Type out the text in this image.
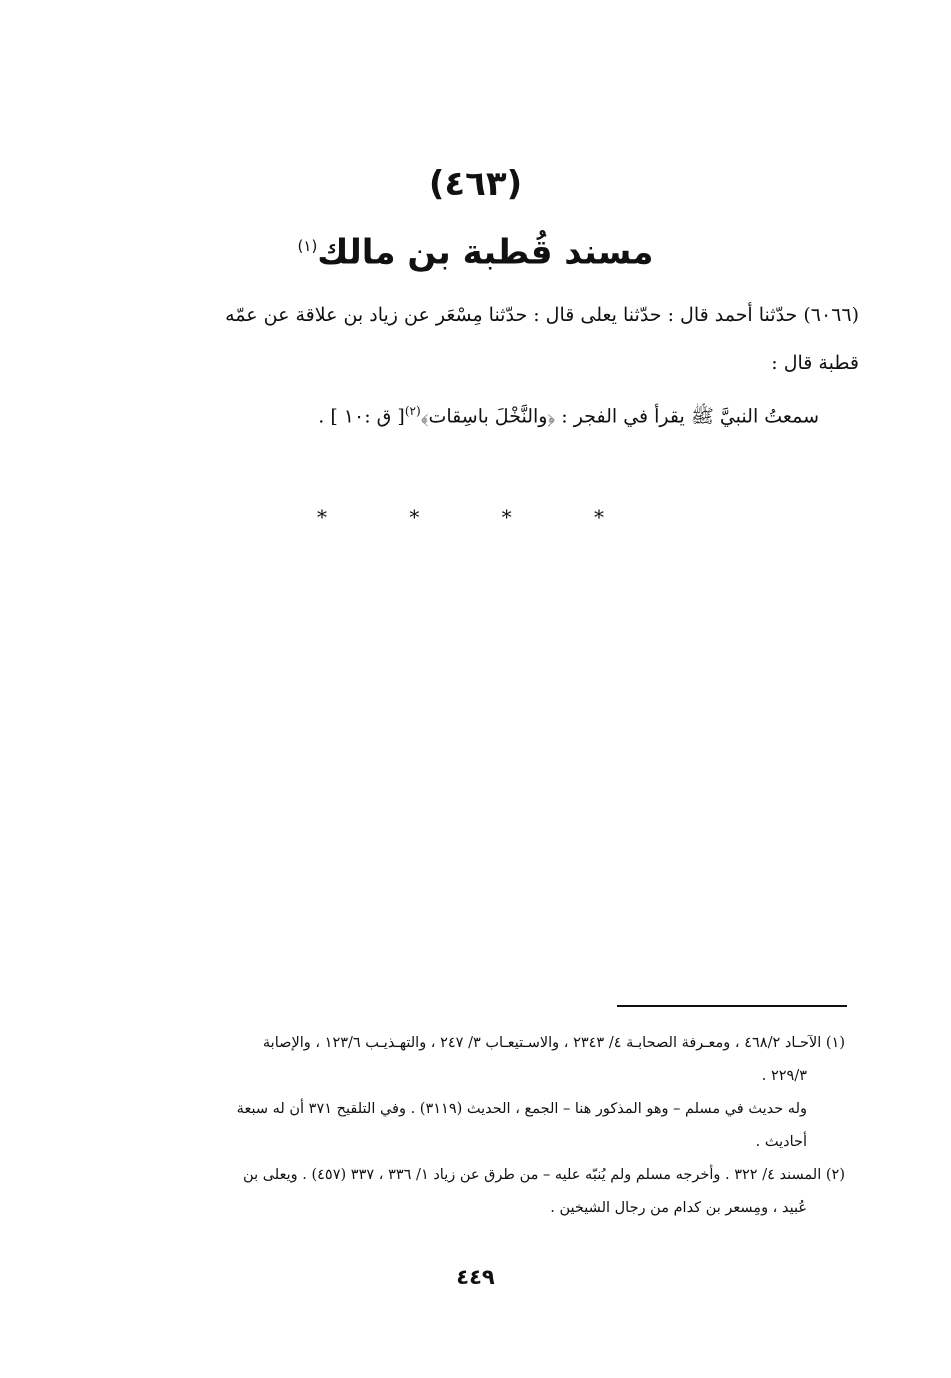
(٤٦٣)
مسند قُطبة بن مالك$^{(١)}$

(٦٠٦٦) حدّثنا أحمد قال : حدّثنا يعلى قال : حدّثنا مِسْعَر عن زياد بن علاقة عن عمّه

قطبة قال :

سمعتُ النبيَّ ﷺ يقرأ في الفجر : ﴿والنَّخْلَ باسِقات﴾$^{(٢)}$[ ق :١٠ ] .

*	*	*	*

(١) الآحـاد ٤٦٨/٢ ، ومعـرفة الصحابـة ٤/ ٢٣٤٣ ، والاسـتيعـاب ٣/ ٢٤٧ ، والتهـذيـب ١٢٣/٦ ، والإصابة

٢٢٩/٣ .

وله حديث في مسلم – وهو المذكور هنا – الجمع ، الحديث (٣١١٩) . وفي التلقيح ٣٧١ أن له سبعة

أحاديث .

(٢) المسند ٤/ ٣٢٢ . وأخرجه مسلم ولم يُنبّه عليه – من طرق عن زياد ١/ ٣٣٦ ، ٣٣٧ (٤٥٧) . ويعلى بن

عُبيد ، ومِسعر بن كدام من رجال الشيخين .

٤٤٩
